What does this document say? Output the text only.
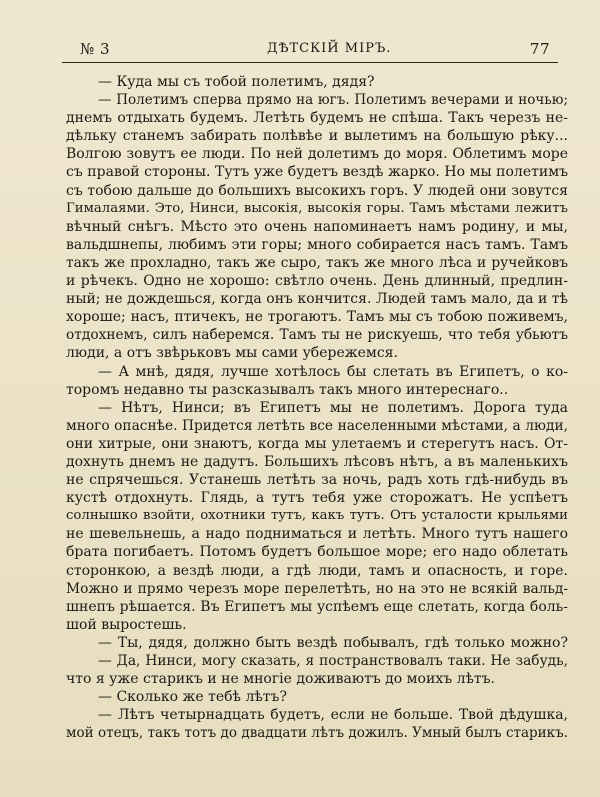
№ 3	ДѢТСКІЙ МІРЪ.	77
— Куда мы съ тобой полетимъ, дядя?
— Полетимъ сперва прямо на югъ. Полетимъ вечерами и ночью;
днемъ отдыхать будемъ. Летѣть будемъ не спѣша. Такъ черезъ не-
дѣльку станемъ забирать полѣвѣе и вылетимъ на большую рѣку...
Волгою зовутъ ее люди. По ней долетимъ до моря. Облетимъ море
съ правой стороны. Тутъ уже будетъ вездѣ жарко. Но мы полетимъ
съ тобою дальше до большихъ высокихъ горъ. У людей они зовутся
Гималаями. Это, Нинси, высокія, высокія горы. Тамъ мѣстами лежитъ
вѣчный снѣгъ. Мѣсто это очень напоминаетъ намъ родину, и мы,
вальдшнепы, любимъ эти горы; много собирается насъ тамъ. Тамъ
такъ же прохладно, такъ же сыро, такъ же много лѣса и ручейковъ
и рѣчекъ. Одно не хорошо: свѣтло очень. День длинный, предлин-
ный; не дождешься, когда онъ кончится. Людей тамъ мало, да и тѣ
хороше; насъ, птичекъ, не трогаютъ. Тамъ мы съ тобою поживемъ,
отдохнемъ, силъ наберемся. Тамъ ты не рискуешь, что тебя убьютъ
люди, а отъ звѣрьковъ мы сами убережемся.
— А мнѣ, дядя, лучше хотѣлось бы слетать въ Египетъ, о ко-
торомъ недавно ты разсказывалъ такъ много интереснаго..
— Нѣтъ, Нинси; въ Египетъ мы не полетимъ. Дорога туда
много опаснѣе. Придется летѣть все населенными мѣстами, а люди,
они хитрые, они знаютъ, когда мы улетаемъ и стерегутъ насъ. От-
дохнуть днемъ не дадутъ. Большихъ лѣсовъ нѣтъ, а въ маленькихъ
не спрячешься. Устанешь летѣть за ночь, радъ хоть гдѣ-нибудь въ
кустѣ отдохнуть. Глядь, а тутъ тебя уже сторожатъ. Не успѣетъ
солнышко взойти, охотники тутъ, какъ тутъ. Отъ усталости крыльями
не шевельнешь, а надо подниматься и летѣть. Много тутъ нашего
брата погибаетъ. Потомъ будетъ большое море; его надо облетать
сторонкою, а вездѣ люди, а гдѣ люди, тамъ и опасность, и горе.
Можно и прямо черезъ море перелетѣть, но на это не всякій вальд-
шнепъ рѣшается. Въ Египетъ мы успѣемъ еще слетать, когда боль-
шой выростешь.
— Ты, дядя, должно быть вездѣ побывалъ, гдѣ только можно?
— Да, Нинси, могу сказать, я постранствовалъ таки. Не забудь,
что я уже старикъ и не многіе доживаютъ до моихъ лѣтъ.
— Сколько же тебѣ лѣтъ?
— Лѣтъ четырнадцать будетъ, если не больше. Твой дѣдушка,
мой отецъ, такъ тотъ до двадцати лѣтъ дожилъ. Умный былъ старикъ.
